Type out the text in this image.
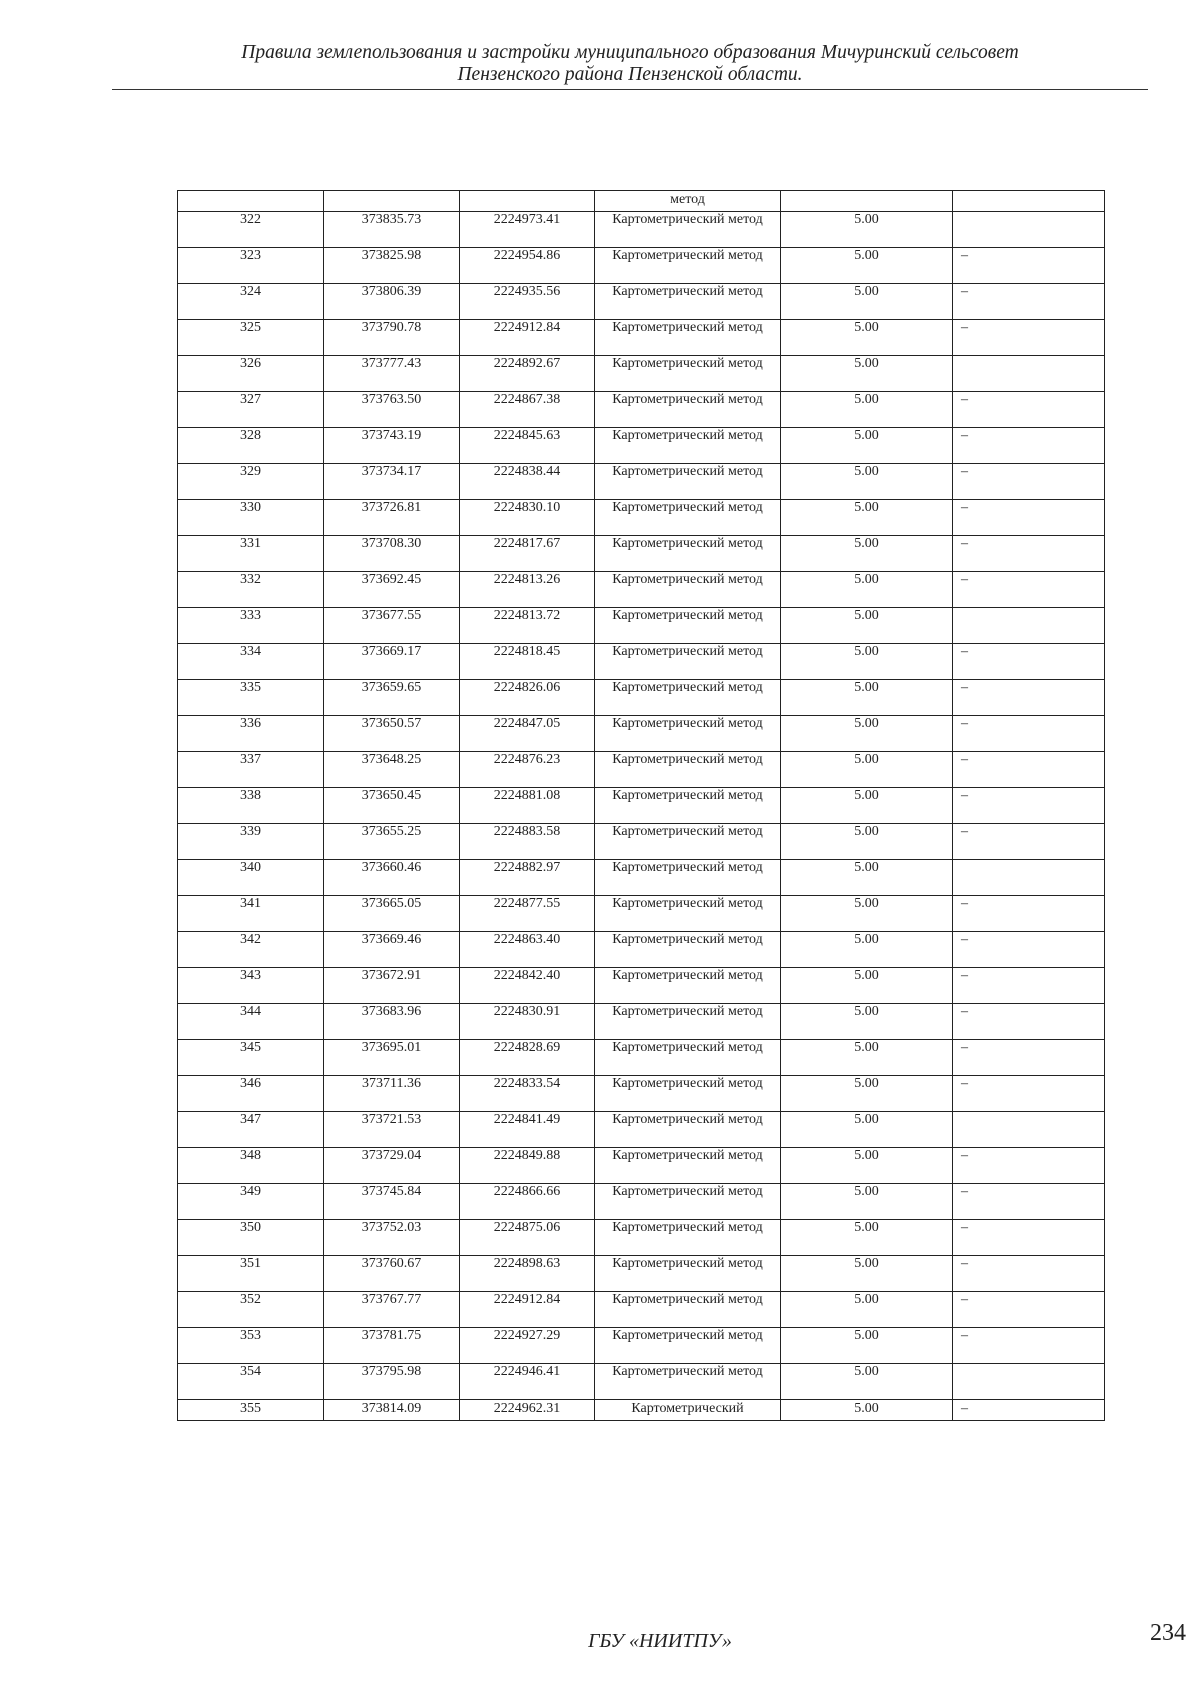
Правила землепользования и застройки муниципального образования Мичуринский сельсовет
Пензенского района Пензенской области.
			метод		
322	373835.73	2224973.41	Картометрический метод	5.00	
323	373825.98	2224954.86	Картометрический метод	5.00	–
324	373806.39	2224935.56	Картометрический метод	5.00	–
325	373790.78	2224912.84	Картометрический метод	5.00	–
326	373777.43	2224892.67	Картометрический метод	5.00	
327	373763.50	2224867.38	Картометрический метод	5.00	–
328	373743.19	2224845.63	Картометрический метод	5.00	–
329	373734.17	2224838.44	Картометрический метод	5.00	–
330	373726.81	2224830.10	Картометрический метод	5.00	–
331	373708.30	2224817.67	Картометрический метод	5.00	–
332	373692.45	2224813.26	Картометрический метод	5.00	–
333	373677.55	2224813.72	Картометрический метод	5.00	
334	373669.17	2224818.45	Картометрический метод	5.00	–
335	373659.65	2224826.06	Картометрический метод	5.00	–
336	373650.57	2224847.05	Картометрический метод	5.00	–
337	373648.25	2224876.23	Картометрический метод	5.00	–
338	373650.45	2224881.08	Картометрический метод	5.00	–
339	373655.25	2224883.58	Картометрический метод	5.00	–
340	373660.46	2224882.97	Картометрический метод	5.00	
341	373665.05	2224877.55	Картометрический метод	5.00	–
342	373669.46	2224863.40	Картометрический метод	5.00	–
343	373672.91	2224842.40	Картометрический метод	5.00	–
344	373683.96	2224830.91	Картометрический метод	5.00	–
345	373695.01	2224828.69	Картометрический метод	5.00	–
346	373711.36	2224833.54	Картометрический метод	5.00	–
347	373721.53	2224841.49	Картометрический метод	5.00	
348	373729.04	2224849.88	Картометрический метод	5.00	–
349	373745.84	2224866.66	Картометрический метод	5.00	–
350	373752.03	2224875.06	Картометрический метод	5.00	–
351	373760.67	2224898.63	Картометрический метод	5.00	–
352	373767.77	2224912.84	Картометрический метод	5.00	–
353	373781.75	2224927.29	Картометрический метод	5.00	–
354	373795.98	2224946.41	Картометрический метод	5.00	
355	373814.09	2224962.31	Картометрический	5.00	–
ГБУ «НИИТПУ»	234
